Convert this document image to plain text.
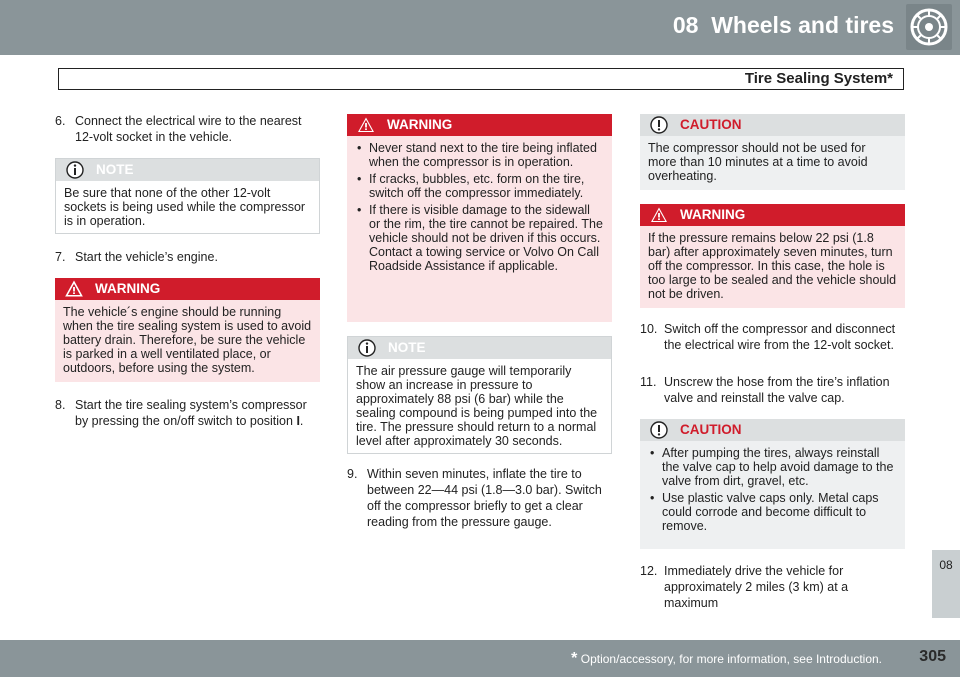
08 Wheels and tires
Tire Sealing System*
6. Connect the electrical wire to the nearest 12-volt socket in the vehicle.
NOTE
Be sure that none of the other 12-volt sockets is being used while the compressor is in operation.
7. Start the vehicle’s engine.
WARNING
The vehicle´s engine should be running when the tire sealing system is used to avoid battery drain. Therefore, be sure the vehicle is parked in a well ventilated place, or outdoors, before using the system.
8. Start the tire sealing system’s compressor by pressing the on/off switch to position I.
WARNING
• Never stand next to the tire being inflated when the compressor is in operation.
• If cracks, bubbles, etc. form on the tire, switch off the compressor immediately.
• If there is visible damage to the sidewall or the rim, the tire cannot be repaired. The vehicle should not be driven if this occurs. Contact a towing service or Volvo On Call Roadside Assistance if applicable.
NOTE
The air pressure gauge will temporarily show an increase in pressure to approximately 88 psi (6 bar) while the sealing compound is being pumped into the tire. The pressure should return to a normal level after approximately 30 seconds.
9. Within seven minutes, inflate the tire to between 22—44 psi (1.8—3.0 bar). Switch off the compressor briefly to get a clear reading from the pressure gauge.
CAUTION
The compressor should not be used for more than 10 minutes at a time to avoid overheating.
WARNING
If the pressure remains below 22 psi (1.8 bar) after approximately seven minutes, turn off the compressor. In this case, the hole is too large to be sealed and the vehicle should not be driven.
10. Switch off the compressor and disconnect the electrical wire from the 12-volt socket.
11. Unscrew the hose from the tire’s inflation valve and reinstall the valve cap.
CAUTION
• After pumping the tires, always reinstall the valve cap to help avoid damage to the valve from dirt, gravel, etc.
• Use plastic valve caps only. Metal caps could corrode and become difficult to remove.
12. Immediately drive the vehicle for approximately 2 miles (3 km) at a maximum
08
* Option/accessory, for more information, see Introduction. 305
